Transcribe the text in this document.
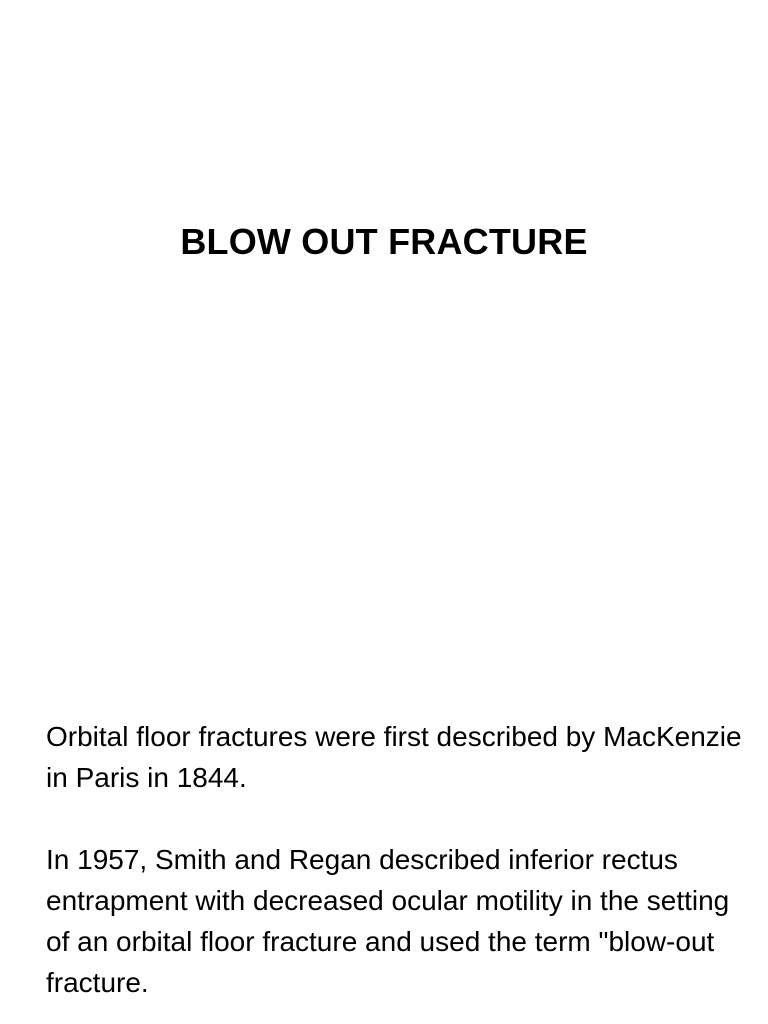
BLOW OUT FRACTURE

Orbital floor fractures were first described by MacKenzie in Paris in 1844.

In 1957, Smith and Regan described inferior rectus entrapment with decreased ocular motility in the setting of an orbital floor fracture and used the term "blow-out fracture.
